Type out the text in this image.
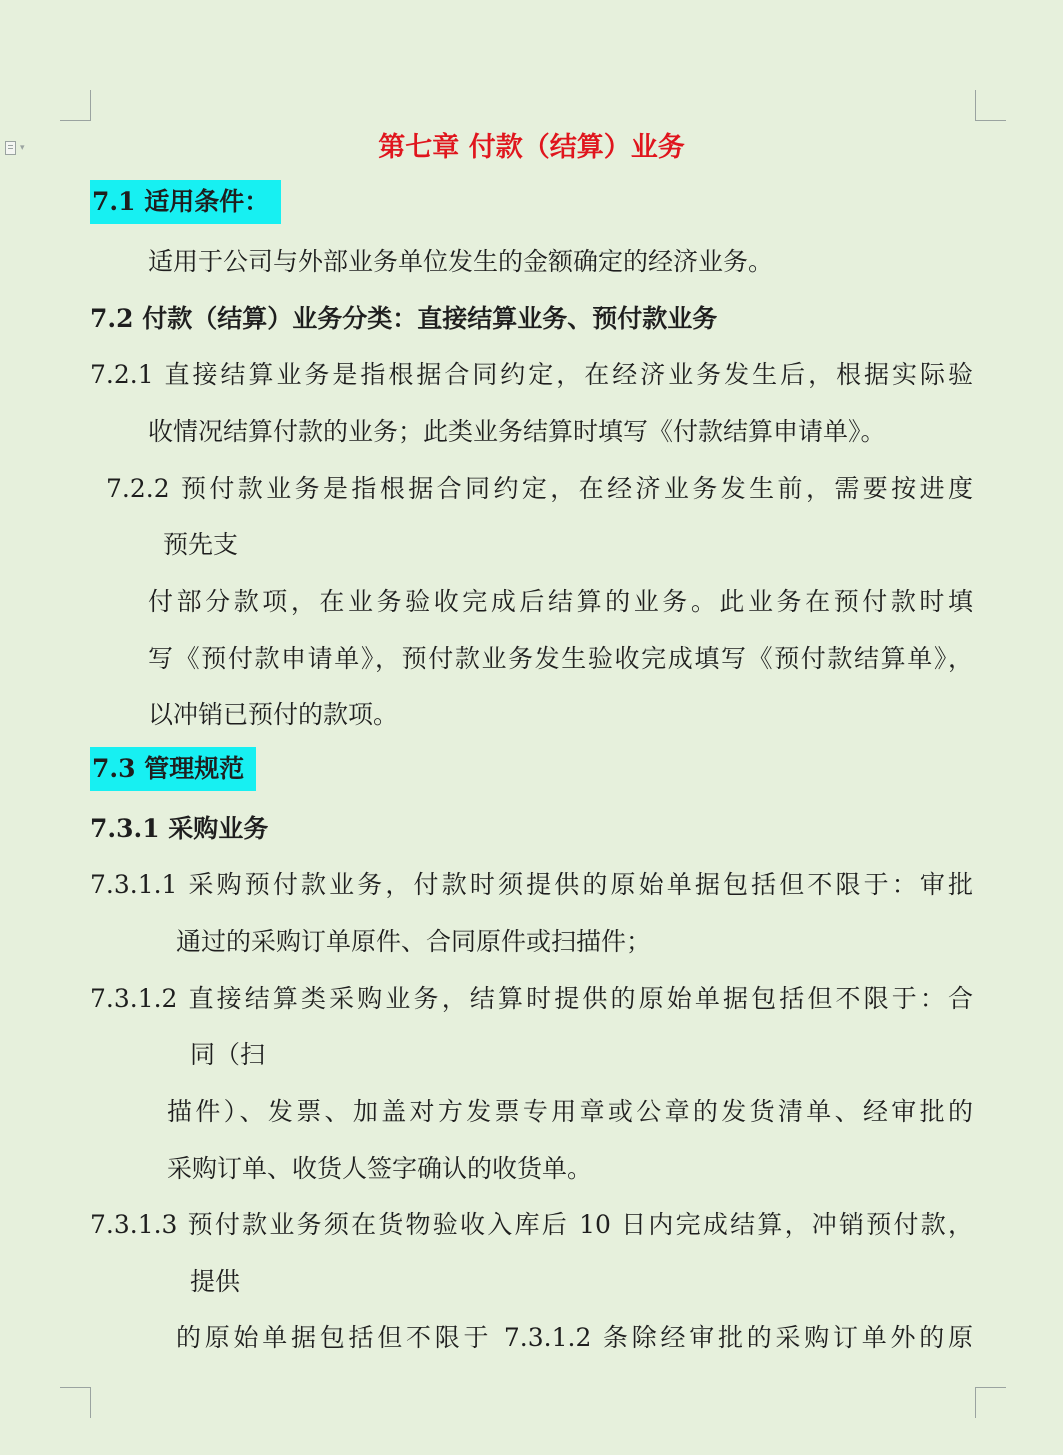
▾	第七章 付款（结算）业务
7.1 适用条件：
适用于公司与外部业务单位发生的金额确定的经济业务。
7.2 付款（结算）业务分类：直接结算业务、预付款业务
7.2.1 直接结算业务是指根据合同约定，在经济业务发生后，根据实际验
收情况结算付款的业务；此类业务结算时填写《付款结算申请单》。
7.2.2 预付款业务是指根据合同约定，在经济业务发生前，需要按进度
预先支
付部分款项，在业务验收完成后结算的业务。此业务在预付款时填
写《预付款申请单》，预付款业务发生验收完成填写《预付款结算单》，
以冲销已预付的款项。
7.3 管理规范
7.3.1 采购业务
7.3.1.1 采购预付款业务，付款时须提供的原始单据包括但不限于：审批
通过的采购订单原件、合同原件或扫描件；
7.3.1.2 直接结算类采购业务，结算时提供的原始单据包括但不限于：合
同（扫
描件）、发票、加盖对方发票专用章或公章的发货清单、经审批的
采购订单、收货人签字确认的收货单。
7.3.1.3 预付款业务须在货物验收入库后 10 日内完成结算，冲销预付款，
提供
的原始单据包括但不限于 7.3.1.2 条除经审批的采购订单外的原
